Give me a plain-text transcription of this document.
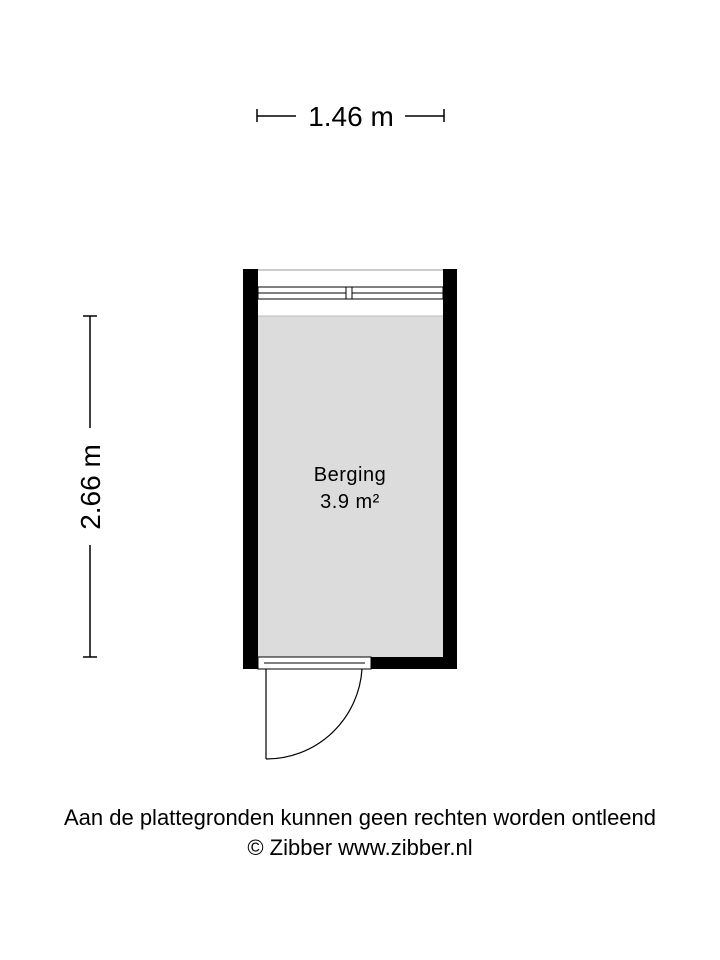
1.46 m
2.66 m	Berging
3.9 m²
Aan de plattegronden kunnen geen rechten worden ontleend
© Zibber www.zibber.nl
